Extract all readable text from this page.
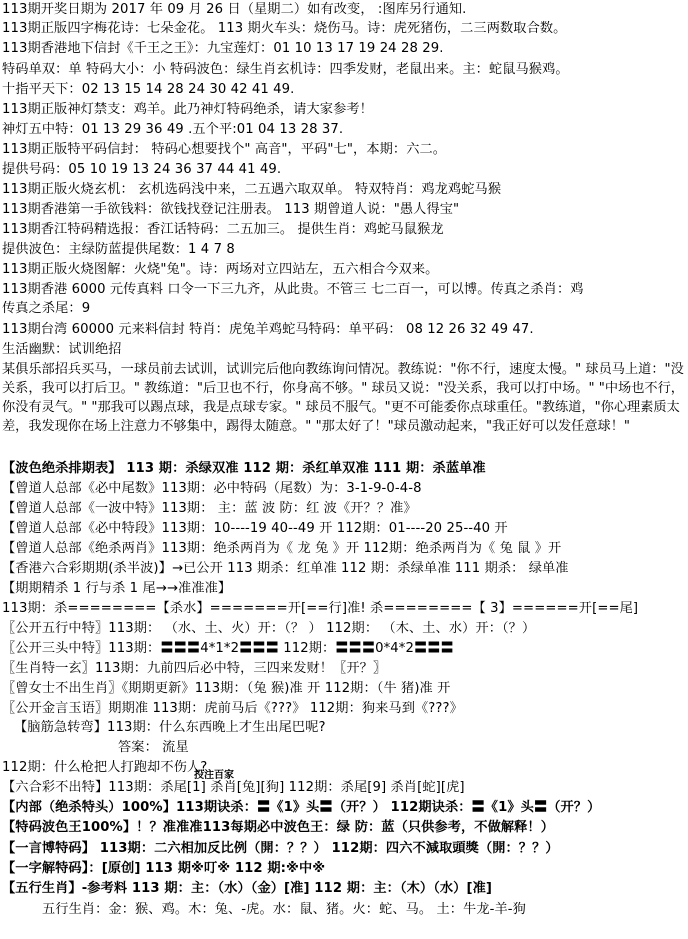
113期开奖日期为 2017 年 09 月 26 日（星期二）如有改变， :图库另行通知.
113期正版四字梅花诗：七朵金花。 113 期火车头：烧伤马。诗：虎死猪伤，二三两数取合数。
113期香港地下信封《千王之王》：九宝莲灯：01 10 13 17 19 24 28 29.
特码单双：单 特码大小：小 特码波色：绿生肖玄机诗：四季发财，老鼠出来。主：蛇鼠马猴鸡。
十指平天下：02 13 15 14 28 24 30 42 41 49.
113期正版神灯禁支：鸡羊。此乃神灯特码绝杀，请大家参考！
神灯五中特：01 13 29 36 49 .五个平:01 04 13 28 37.
113期正版特平码信封： 特码心想要找个" 高音"，平码"七"，本期：六二。
提供号码：05 10 19 13 24 36 37 44 41 49.
113期正版火烧玄机： 玄机选码浅中来，二五遇六取双单。 特双特肖：鸡龙鸡蛇马猴
113期香港第一手欲钱料：欲钱找登记注册表。 113 期曾道人说："愚人得宝"
113期香江特码精选报：香江话特码：二五加三。 提供生肖：鸡蛇马鼠猴龙
提供波色：主绿防蓝提供尾数：1 4 7 8
113期正版火烧图解：火烧"兔"。诗：两场对立四站左，五六相合今双来。
113期香港 6000 元传真料 口令一下三九齐，从此贵。不管三 七二百一，可以博。传真之杀肖：鸡
传真之杀尾：9
113期台湾 60000 元来料信封 特肖：虎兔羊鸡蛇马特码：单平码： 08 12 26 32 49 47.
生活幽默：试训绝招
某俱乐部招兵买马，一球员前去试训，试训完后他向教练询问情况。教练说："你不行，速度太慢。" 球员马上道："没关系，我可以打后卫。" 教练道："后卫也不行，你身高不够。" 球员又说："没关系，我可以打中场。" "中场也不行，你没有灵气。" "那我可以踢点球，我是点球专家。" 球员不服气。"更不可能委你点球重任。"教练道，"你心理素质太差，我发现你在场上注意力不够集中，踢得太随意。" "那太好了！"球员激动起来，"我正好可以发任意球！"
【波色绝杀排期表】 113 期：杀绿双准 112 期：杀红单双准 111 期：杀蓝单准
【曾道人总部《必中尾数》113期：必中特码（尾数）为：3-1-9-0-4-8
【曾道人总部《一波中特》113期： 主：蓝 波 防：红 波《开？？准》
【曾道人总部《必中特段》113期：10----19 40--49 开 112期：01----20 25--40 开
【曾道人总部《绝杀两肖》113期：绝杀两肖为《 龙 兔 》开 112期：绝杀两肖为《 兔 鼠 》开
【香港六合彩期期(杀半波)】→已公开 113 期杀：红单准 112 期：杀绿单准 111 期杀： 绿单准
【期期精杀 1 行与杀 1 尾→→准准准】
113期：杀========【杀水】=======开[==行]准! 杀========【 3】======开[==尾]
〖公开五行中特〗113期： （水、土、火）开：（？ ） 112期： （木、土、水）开：（？）
〖公开三头中特〗113期：〓〓〓4*1*2〓〓〓 112期：〓〓〓0*4*2〓〓〓
〖生肖特一玄〗113期：九前四后必中特，三四来发财！〖开？〗
〖曾女士不出生肖〗《期期更新》113期：（兔 猴)准 开 112期：（牛 猪)准 开
〖公开金言玉语〗期期准 113期：虎前马后《???》 112期：狗来马到《???》
【脑筋急转弯】113期：什么东西晚上才生出尾巴呢?
答案： 流星
112期：什么枪把人打跑却不伤人?
投注百家
【六合彩不出特】113期：杀尾[1] 杀肖[兔][狗] 112期：杀尾[9] 杀肖[蛇][虎]
【内部（绝杀特头）100%】113期诀杀：〓《1》头〓（开？） 112期诀杀：〓《1》头〓（开？）
【特码波色王100%】！？准准准113每期必中波色王：绿 防：蓝（只供参考，不做解释！）
【一言博特码】 113期：二六相加反比例（開：？？） 112期：四六不減取頭獎（開：？？）
【一字解特码】：[原创] 113 期※叮※ 112 期:※中※
【五行生肖】-参考料 113 期：主：（水）（金）[准] 112 期：主：（木）（水）[准]
五行生肖：金：猴、鸡。木：兔、-虎。水：鼠、猪。火：蛇、马。 土：牛龙-羊-狗
